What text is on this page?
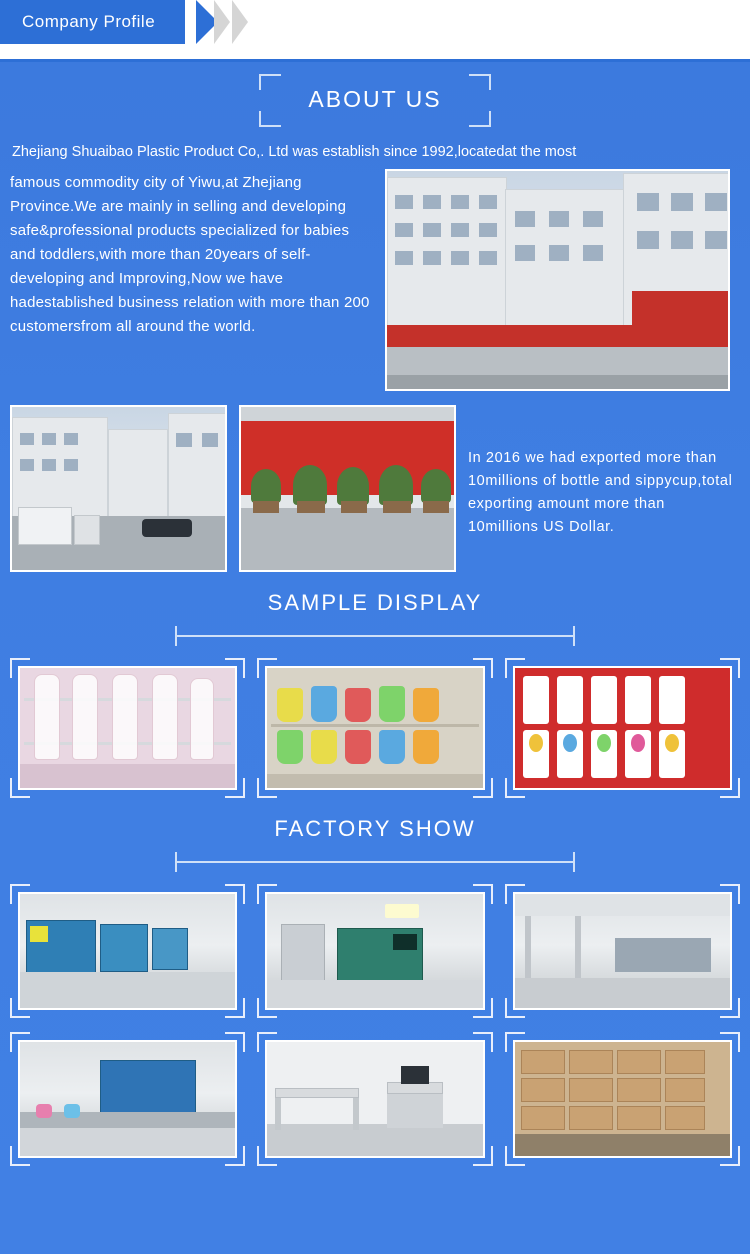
Company Profile
ABOUT US
Zhejiang Shuaibao Plastic Product Co,. Ltd was establish since 1992,locatedat the most
famous commodity city of Yiwu,at Zhejiang Province.We are mainly in selling and developing safe&professional products specialized for babies and toddlers,with more than 20years of self-developing and Improving,Now we have hadestablished business relation with more than 200 customersfrom all around the world.
In 2016 we had exported more than 10millions of bottle and sippycup,total exporting amount more than 10millions US Dollar.
SAMPLE DISPLAY
FACTORY SHOW
